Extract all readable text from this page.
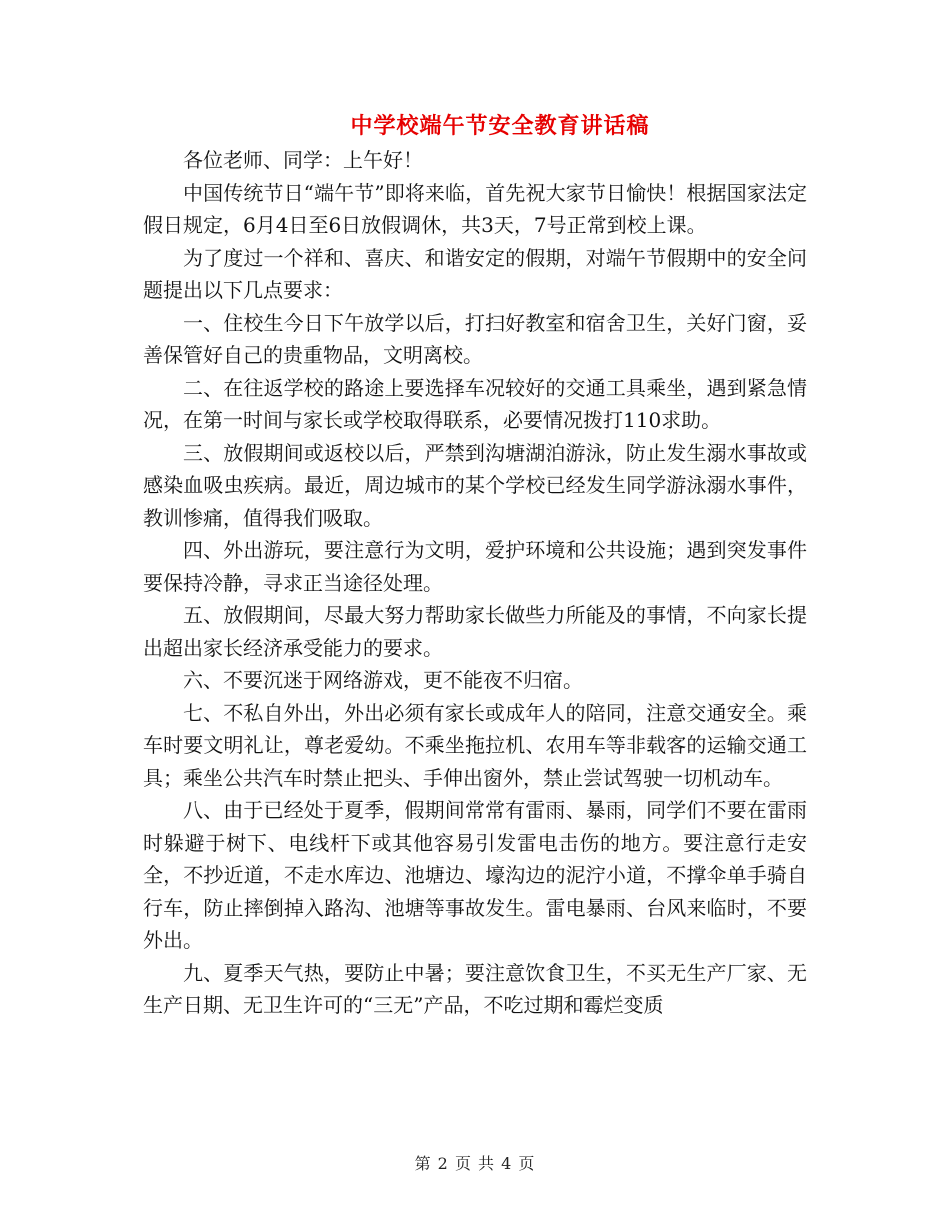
中学校端午节安全教育讲话稿

各位老师、同学：上午好！

中国传统节日“端午节”即将来临，首先祝大家节日愉快！根据国家法定假日规定，6月4日至6日放假调休，共3天，7号正常到校上课。

为了度过一个祥和、喜庆、和谐安定的假期，对端午节假期中的安全问题提出以下几点要求：

一、住校生今日下午放学以后，打扫好教室和宿舍卫生，关好门窗，妥善保管好自己的贵重物品，文明离校。

二、在往返学校的路途上要选择车况较好的交通工具乘坐，遇到紧急情况，在第一时间与家长或学校取得联系，必要情况拨打110求助。

三、放假期间或返校以后，严禁到沟塘湖泊游泳，防止发生溺水事故或感染血吸虫疾病。最近，周边城市的某个学校已经发生同学游泳溺水事件，教训惨痛，值得我们吸取。

四、外出游玩，要注意行为文明，爱护环境和公共设施；遇到突发事件要保持冷静，寻求正当途径处理。

五、放假期间，尽最大努力帮助家长做些力所能及的事情，不向家长提出超出家长经济承受能力的要求。

六、不要沉迷于网络游戏，更不能夜不归宿。

七、不私自外出，外出必须有家长或成年人的陪同，注意交通安全。乘车时要文明礼让，尊老爱幼。不乘坐拖拉机、农用车等非载客的运输交通工具；乘坐公共汽车时禁止把头、手伸出窗外，禁止尝试驾驶一切机动车。

八、由于已经处于夏季，假期间常常有雷雨、暴雨，同学们不要在雷雨时躲避于树下、电线杆下或其他容易引发雷电击伤的地方。要注意行走安全，不抄近道，不走水库边、池塘边、壕沟边的泥泞小道，不撑伞单手骑自行车，防止摔倒掉入路沟、池塘等事故发生。雷电暴雨、台风来临时，不要外出。

九、夏季天气热，要防止中暑；要注意饮食卫生，不买无生产厂家、无生产日期、无卫生许可的“三无”产品，不吃过期和霉烂变质

第 2 页 共 4 页
